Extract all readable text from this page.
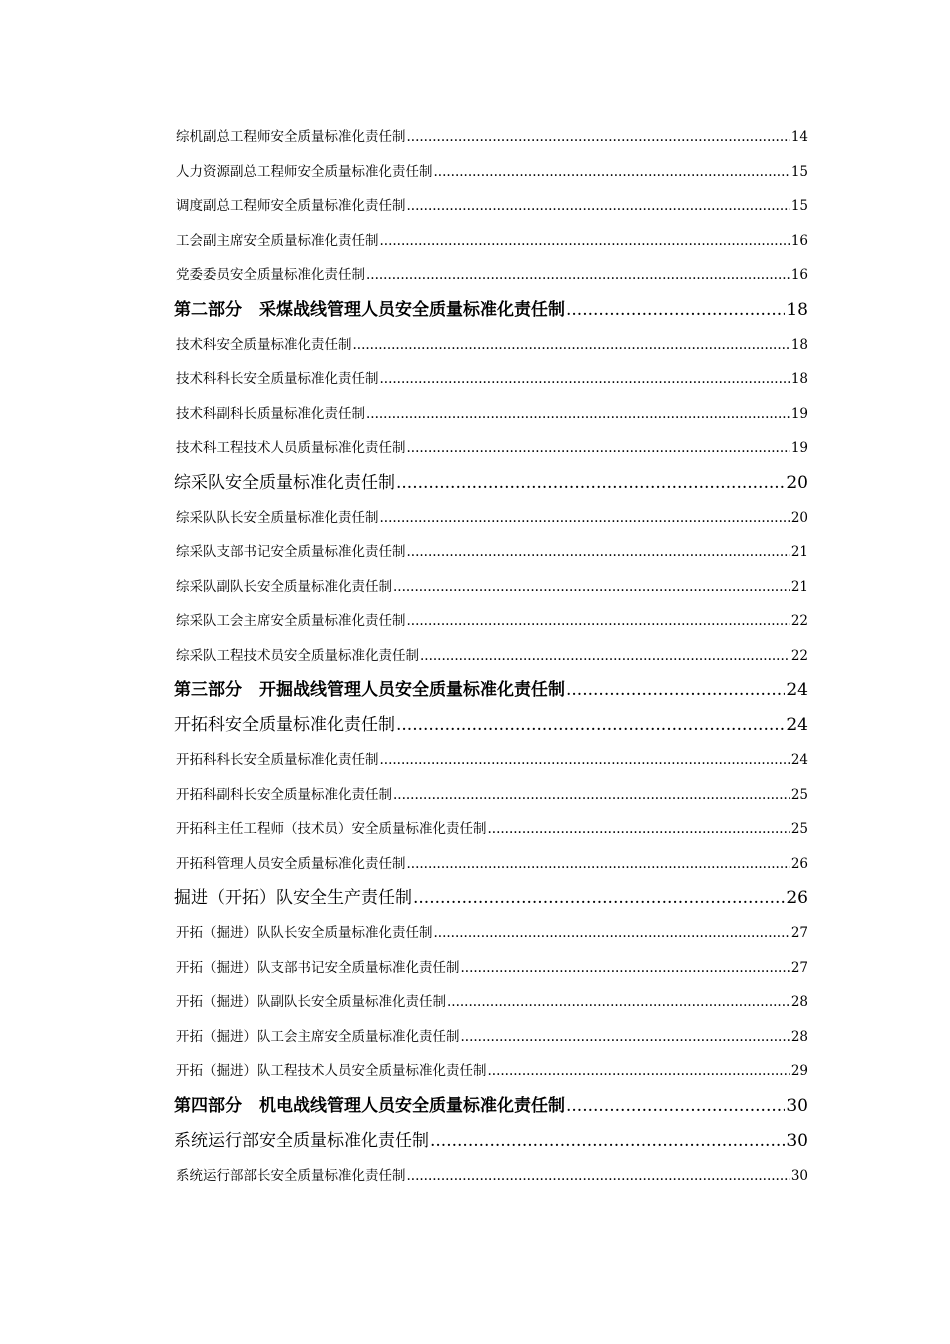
综机副总工程师安全质量标准化责任制 .....	14
人力资源副总工程师安全质量标准化责任制 .....	15
调度副总工程师安全质量标准化责任制 .....	15
工会副主席安全质量标准化责任制 .....	16
党委委员安全质量标准化责任制 .....	16
第二部分　采煤战线管理人员安全质量标准化责任制 .....	18
技术科安全质量标准化责任制 .....	18
技术科科长安全质量标准化责任制 .....	18
技术科副科长质量标准化责任制 .....	19
技术科工程技术人员质量标准化责任制 .....	19
综采队安全质量标准化责任制 .....	20
综采队队长安全质量标准化责任制 .....	20
综采队支部书记安全质量标准化责任制 .....	21
综采队副队长安全质量标准化责任制 .....	21
综采队工会主席安全质量标准化责任制 .....	22
综采队工程技术员安全质量标准化责任制 .....	22
第三部分　开掘战线管理人员安全质量标准化责任制 .....	24
开拓科安全质量标准化责任制 .....	24
开拓科科长安全质量标准化责任制 .....	24
开拓科副科长安全质量标准化责任制 .....	25
开拓科主任工程师（技术员）安全质量标准化责任制 .....	25
开拓科管理人员安全质量标准化责任制 .....	26
掘进（开拓）队安全生产责任制 .....	26
开拓（掘进）队队长安全质量标准化责任制 .....	27
开拓（掘进）队支部书记安全质量标准化责任制 .....	27
开拓（掘进）队副队长安全质量标准化责任制 .....	28
开拓（掘进）队工会主席安全质量标准化责任制 .....	28
开拓（掘进）队工程技术人员安全质量标准化责任制 .....	29
第四部分　机电战线管理人员安全质量标准化责任制 .....	30
系统运行部安全质量标准化责任制 .....	30
系统运行部部长安全质量标准化责任制 .....	30
